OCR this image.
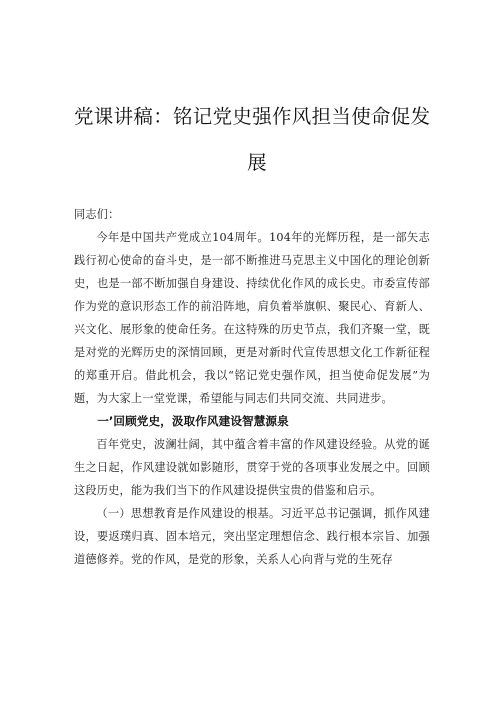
党课讲稿：铭记党史强作风担当使命促发
展

同志们：

今年是中国共产党成立104周年。104年的光辉历程，是一部矢志践行初心使命的奋斗史，是一部不断推进马克思主义中国化的理论创新史，也是一部不断加强自身建设、持续优化作风的成长史。市委宣传部作为党的意识形态工作的前沿阵地，肩负着举旗帜、聚民心、育新人、兴文化、展形象的使命任务。在这特殊的历史节点，我们齐聚一堂，既是对党的光辉历史的深情回顾，更是对新时代宣传思想文化工作新征程的郑重开启。借此机会，我以“铭记党史强作风，担当使命促发展”为题，为大家上一堂党课，希望能与同志们共同交流、共同进步。

一’回顾党史，汲取作风建设智慧源泉

百年党史，波澜壮阔，其中蕴含着丰富的作风建设经验。从党的诞生之日起，作风建设就如影随形，贯穿于党的各项事业发展之中。回顾这段历史，能为我们当下的作风建设提供宝贵的借鉴和启示。

（一）思想教育是作风建设的根基。习近平总书记强调，抓作风建设，要返璞归真、固本培元，突出坚定理想信念、践行根本宗旨、加强道德修养。党的作风，是党的形象，关系人心向背与党的生死存
